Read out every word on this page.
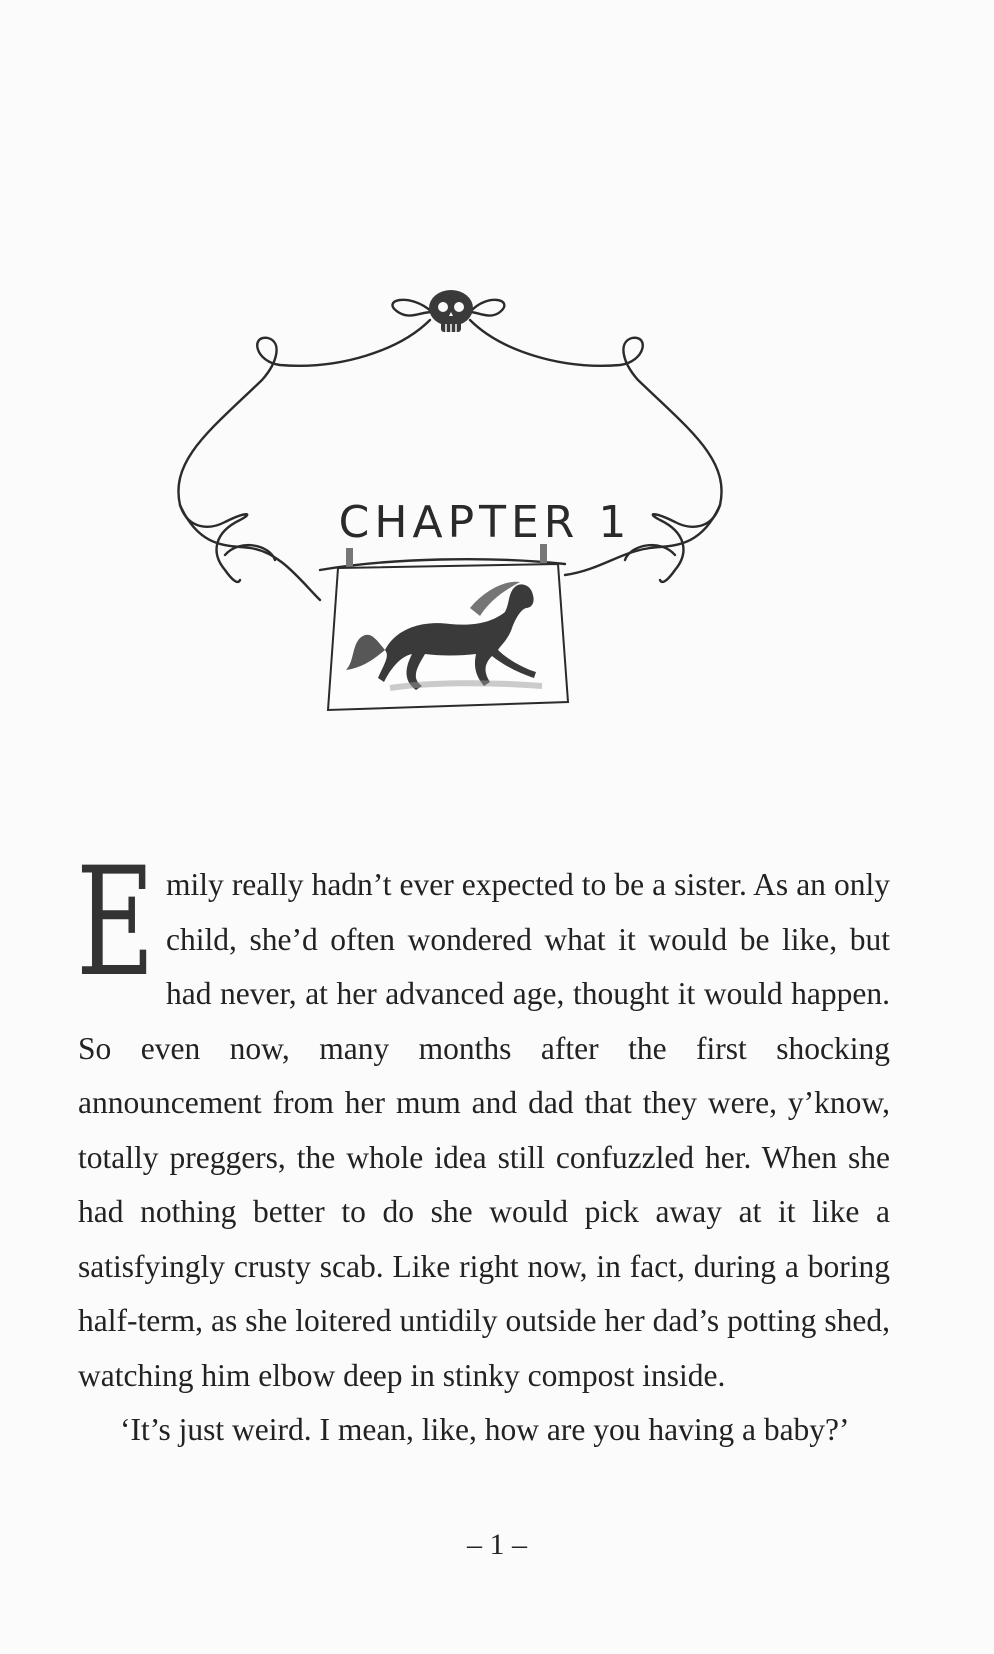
CHAPTER 1

Emily really hadn’t ever expected to be a sister. As an only child, she’d often wondered what it would be like, but had never, at her advanced age, thought it would happen. So even now, many months after the first shocking announcement from her mum and dad that they were, y’know, totally preggers, the whole idea still confuzzled her. When she had nothing better to do she would pick away at it like a satisfyingly crusty scab. Like right now, in fact, during a boring half-term, as she loitered untidily outside her dad’s potting shed, watching him elbow deep in stinky compost inside.

‘It’s just weird. I mean, like, how are you having a baby?’

– 1 –
